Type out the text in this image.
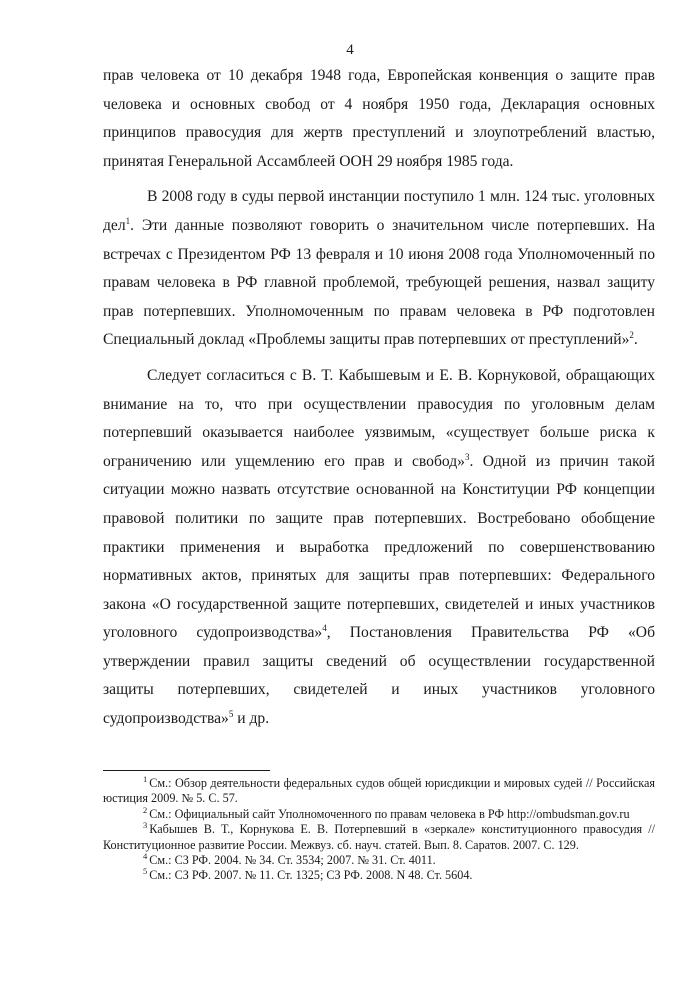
4

прав человека от 10 декабря 1948 года, Европейская конвенция о защите прав человека и основных свобод от 4 ноября 1950 года, Декларация основных принципов правосудия для жертв преступлений и злоупотреблений властью, принятая Генеральной Ассамблеей ООН 29 ноября 1985 года.

В 2008 году в суды первой инстанции поступило 1 млн. 124 тыс. уголовных дел$^1$. Эти данные позволяют говорить о значительном числе потерпевших. На встречах с Президентом РФ 13 февраля и 10 июня 2008 года Уполномоченный по правам человека в РФ главной проблемой, требующей решения, назвал защиту прав потерпевших. Уполномоченным по правам человека в РФ подготовлен Специальный доклад «Проблемы защиты прав потерпевших от преступлений»$^2$.

Следует согласиться с В. Т. Кабышевым и Е. В. Корнуковой, обращающих внимание на то, что при осуществлении правосудия по уголовным делам потерпевший оказывается наиболее уязвимым, «существует больше риска к ограничению или ущемлению его прав и свобод»$^3$. Одной из причин такой ситуации можно назвать отсутствие основанной на Конституции РФ концепции правовой политики по защите прав потерпевших. Востребовано обобщение практики применения и выработка предложений по совершенствованию нормативных актов, принятых для защиты прав потерпевших: Федерального закона «О государственной защите потерпевших, свидетелей и иных участников уголовного судопроизводства»$^4$, Постановления Правительства РФ «Об утверждении правил защиты сведений об осуществлении государственной защиты потерпевших, свидетелей и иных участников уголовного судопроизводства»$^5$ и др.

$^1$ См.: Обзор деятельности федеральных судов общей юрисдикции и мировых судей // Российская юстиция 2009. № 5. С. 57.

$^2$ См.: Официальный сайт Уполномоченного по правам человека в РФ http://ombudsman.gov.ru

$^3$ Кабышев В. Т., Корнукова Е. В. Потерпевший в «зеркале» конституционного правосудия // Конституционное развитие России. Межвуз. сб. науч. статей. Вып. 8. Саратов. 2007. С. 129.

$^4$ См.: СЗ РФ. 2004. № 34. Ст. 3534; 2007. № 31. Ст. 4011.

$^5$ См.: СЗ РФ. 2007. № 11. Ст. 1325; СЗ РФ. 2008. N 48. Ст. 5604.
